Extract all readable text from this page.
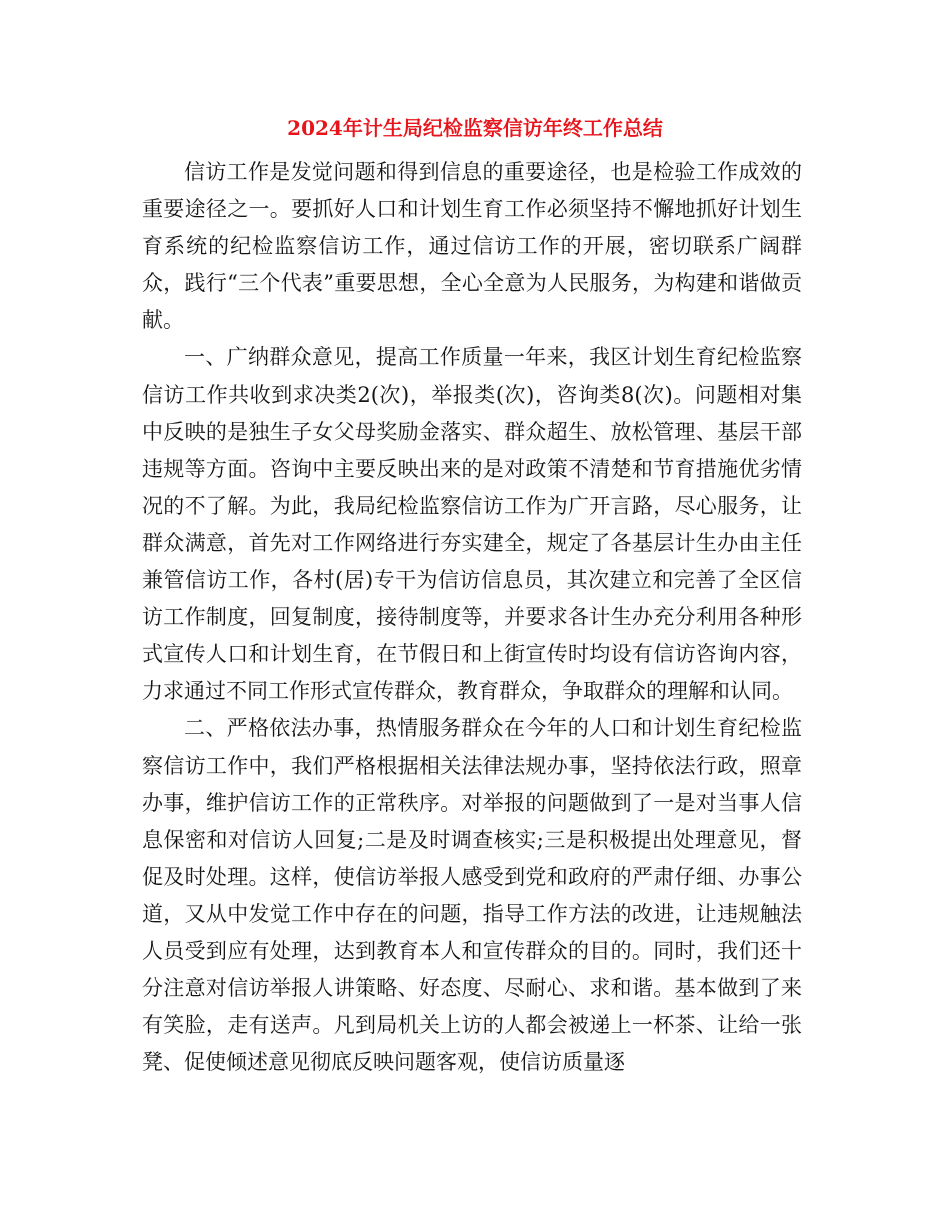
2024年计生局纪检监察信访年终工作总结

信访工作是发觉问题和得到信息的重要途径，也是检验工作成效的重要途径之一。要抓好人口和计划生育工作必须坚持不懈地抓好计划生育系统的纪检监察信访工作，通过信访工作的开展，密切联系广阔群众，践行“三个代表”重要思想，全心全意为人民服务，为构建和谐做贡献。

一、广纳群众意见，提高工作质量一年来，我区计划生育纪检监察信访工作共收到求决类2(次)，举报类(次)，咨询类8(次)。问题相对集中反映的是独生子女父母奖励金落实、群众超生、放松管理、基层干部违规等方面。咨询中主要反映出来的是对政策不清楚和节育措施优劣情况的不了解。为此，我局纪检监察信访工作为广开言路，尽心服务，让群众满意，首先对工作网络进行夯实建全，规定了各基层计生办由主任兼管信访工作，各村(居)专干为信访信息员，其次建立和完善了全区信访工作制度，回复制度，接待制度等，并要求各计生办充分利用各种形式宣传人口和计划生育，在节假日和上街宣传时均设有信访咨询内容，力求通过不同工作形式宣传群众，教育群众，争取群众的理解和认同。

二、严格依法办事，热情服务群众在今年的人口和计划生育纪检监察信访工作中，我们严格根据相关法律法规办事，坚持依法行政，照章办事，维护信访工作的正常秩序。对举报的问题做到了一是对当事人信息保密和对信访人回复;二是及时调查核实;三是积极提出处理意见，督促及时处理。这样，使信访举报人感受到党和政府的严肃仔细、办事公道，又从中发觉工作中存在的问题，指导工作方法的改进，让违规触法人员受到应有处理，达到教育本人和宣传群众的目的。同时，我们还十分注意对信访举报人讲策略、好态度、尽耐心、求和谐。基本做到了来有笑脸，走有送声。凡到局机关上访的人都会被递上一杯茶、让给一张凳、促使倾述意见彻底反映问题客观，使信访质量逐
